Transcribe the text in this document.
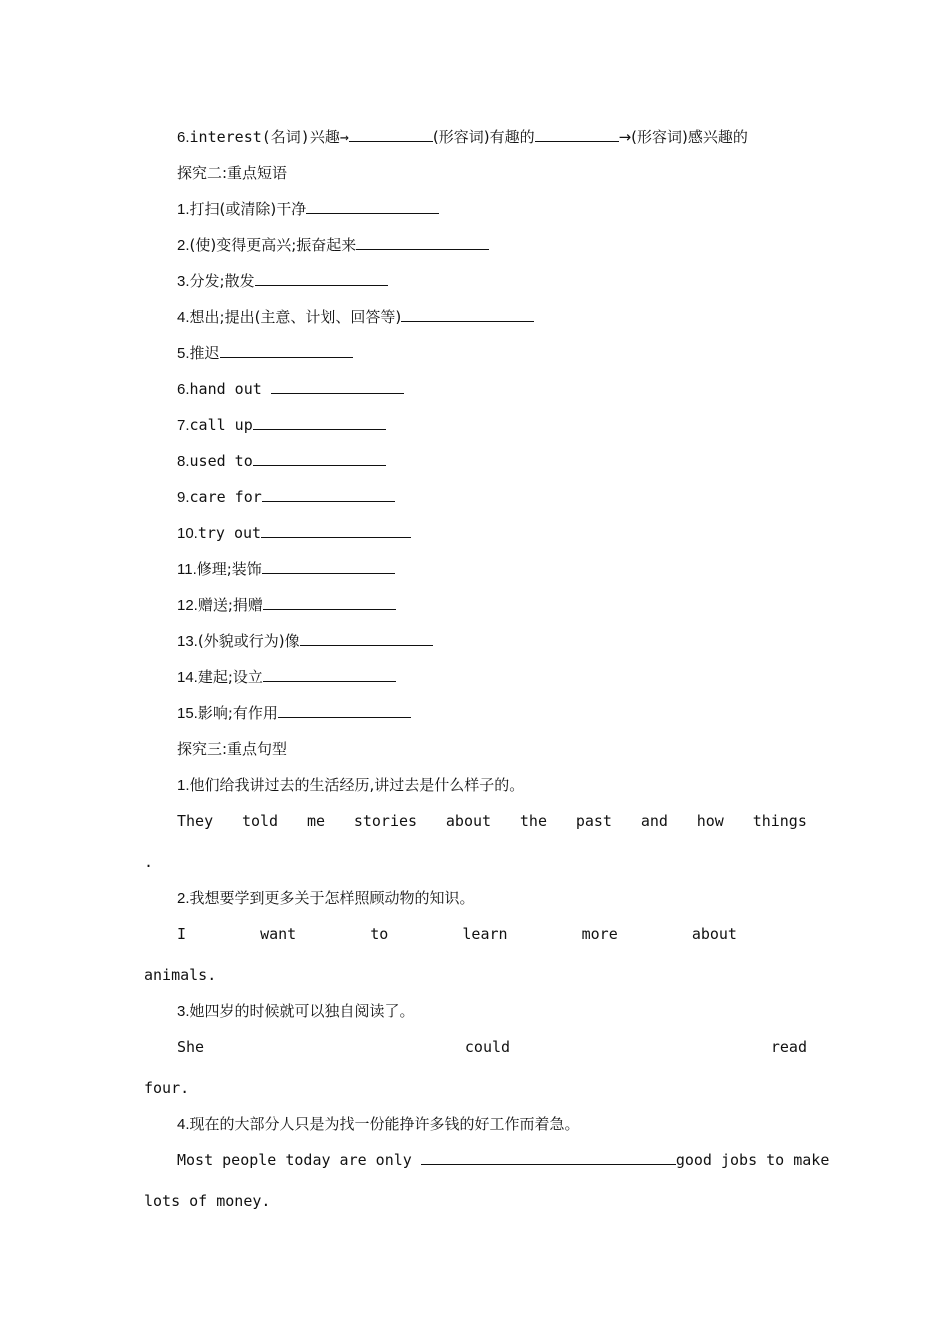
6.interest(名词)兴趣→	(形容词)有趣的	→(形容词)感兴趣的
探究二:重点短语
1.打扫(或清除)干净
2.(使)变得更高兴;振奋起来
3.分发;散发
4.想出;提出(主意、计划、回答等)
5.推迟
6.hand out
7.call up
8.used to
9.care for
10.try out
11.修理;装饰
12.赠送;捐赠
13.(外貌或行为)像
14.建起;设立
15.影响;有作用
探究三:重点句型
1.他们给我讲过去的生活经历,讲过去是什么样子的。
They told me stories about the past and how things
.
2.我想要学到更多关于怎样照顾动物的知识。
I	want	to	learn	more	about
animals.
3.她四岁的时候就可以独自阅读了。
She	could	read
four.
4.现在的大部分人只是为找一份能挣许多钱的好工作而着急。
Most people today are only	good jobs to make
lots of money.
